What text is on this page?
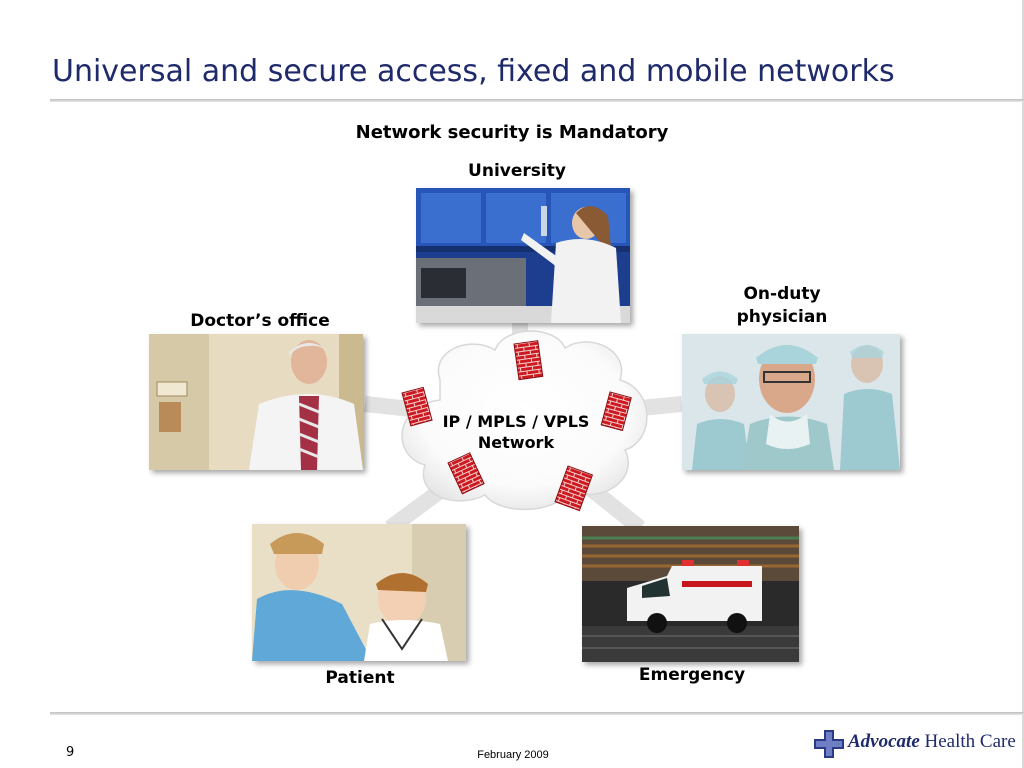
Universal and secure access, fixed and mobile networks
Network security is Mandatory
IP / MPLS / VPLS
Network
University
Doctor’s office
On-duty
physician
Patient	Emergency
9	February 2009
Advocate Health Care
